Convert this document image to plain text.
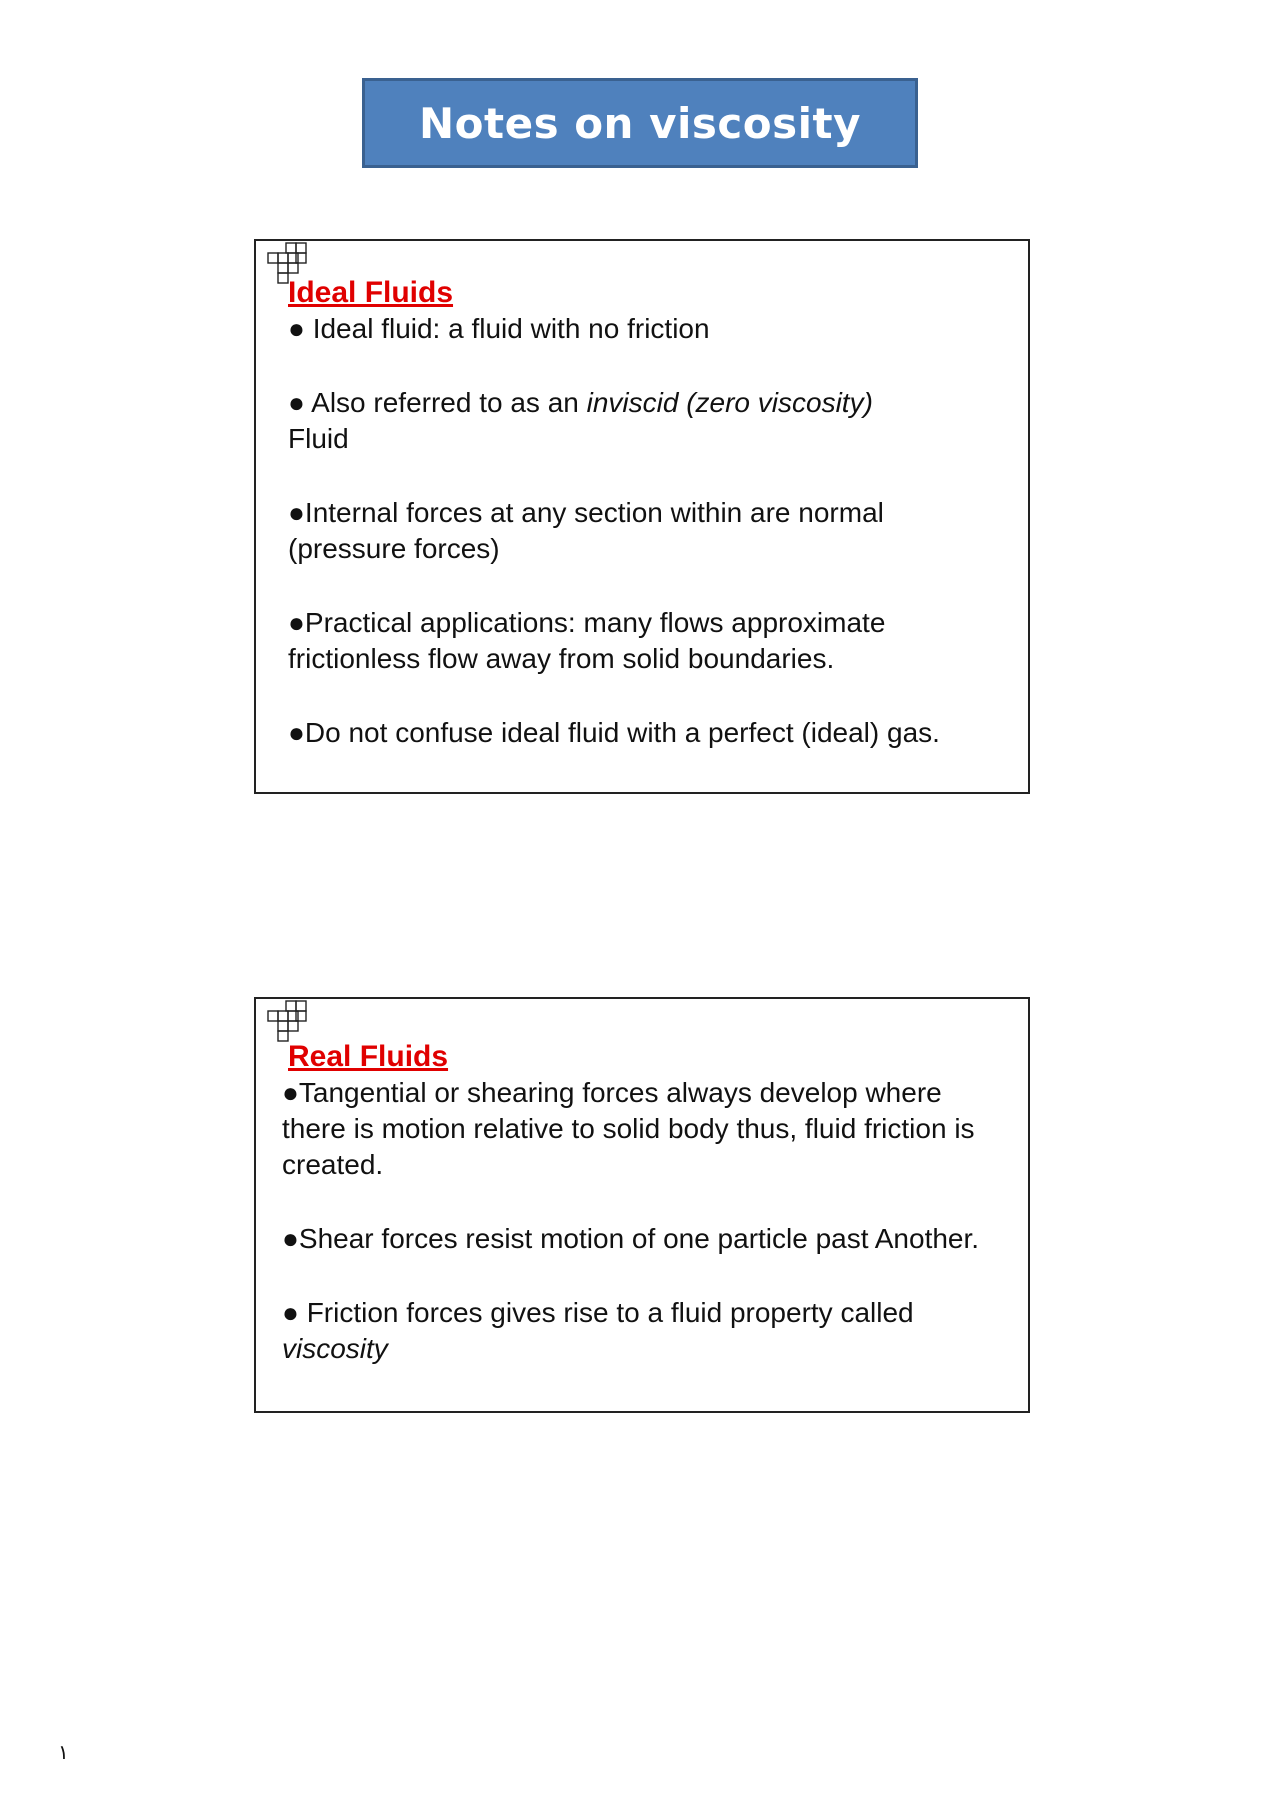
Notes on viscosity
Ideal Fluids

● Ideal fluid: a fluid with no friction

● Also referred to as an inviscid (zero viscosity)
Fluid

●Internal forces at any section within are normal (pressure forces)

●Practical applications: many flows approximate frictionless flow away from solid boundaries.

●Do not confuse ideal fluid with a perfect (ideal) gas.

Real Fluids

●Tangential or shearing forces always develop where there is motion relative to solid body thus, fluid friction is created.

●Shear forces resist motion of one particle past Another.

● Friction forces gives rise to a fluid property called
viscosity

١
